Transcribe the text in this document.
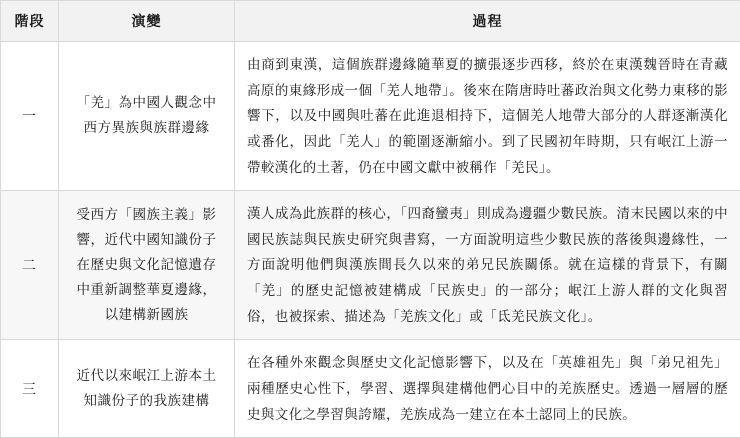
階段	演變	過程
一	「羌」為中國人觀念中西方異族與族群邊緣	由商到東漢，這個族群邊緣隨華夏的擴張逐步西移，終於在東漢魏晉時在青藏高原的東緣形成一個「羌人地帶」。後來在隋唐時吐蕃政治與文化勢力東移的影響下，以及中國與吐蕃在此進退相持下，這個羌人地帶大部分的人群逐漸漢化或番化，因此「羌人」的範圍逐漸縮小。到了民國初年時期，只有岷江上游一帶較漢化的土著，仍在中國文獻中被稱作「羌民」。
二	受西方「國族主義」影響，近代中國知識份子在歷史與文化記憶遺存中重新調整華夏邊緣，以建構新國族	漢人成為此族群的核心，「四裔蠻夷」則成為邊疆少數民族。清末民國以來的中國民族誌與民族史研究與書寫，一方面說明這些少數民族的落後與邊緣性，一方面說明他們與漢族間長久以來的弟兄民族關係。就在這樣的背景下，有關「羌」的歷史記憶被建構成「民族史」的一部分；岷江上游人群的文化與習俗，也被探索、描述為「羌族文化」或「氐羌民族文化」。
三	近代以來岷江上游本土知識份子的我族建構	在各種外來觀念與歷史文化記憶影響下，以及在「英雄祖先」與「弟兄祖先」兩種歷史心性下，學習、選擇與建構他們心目中的羌族歷史。透過一層層的歷史與文化之學習與誇耀，羌族成為一建立在本土認同上的民族。
